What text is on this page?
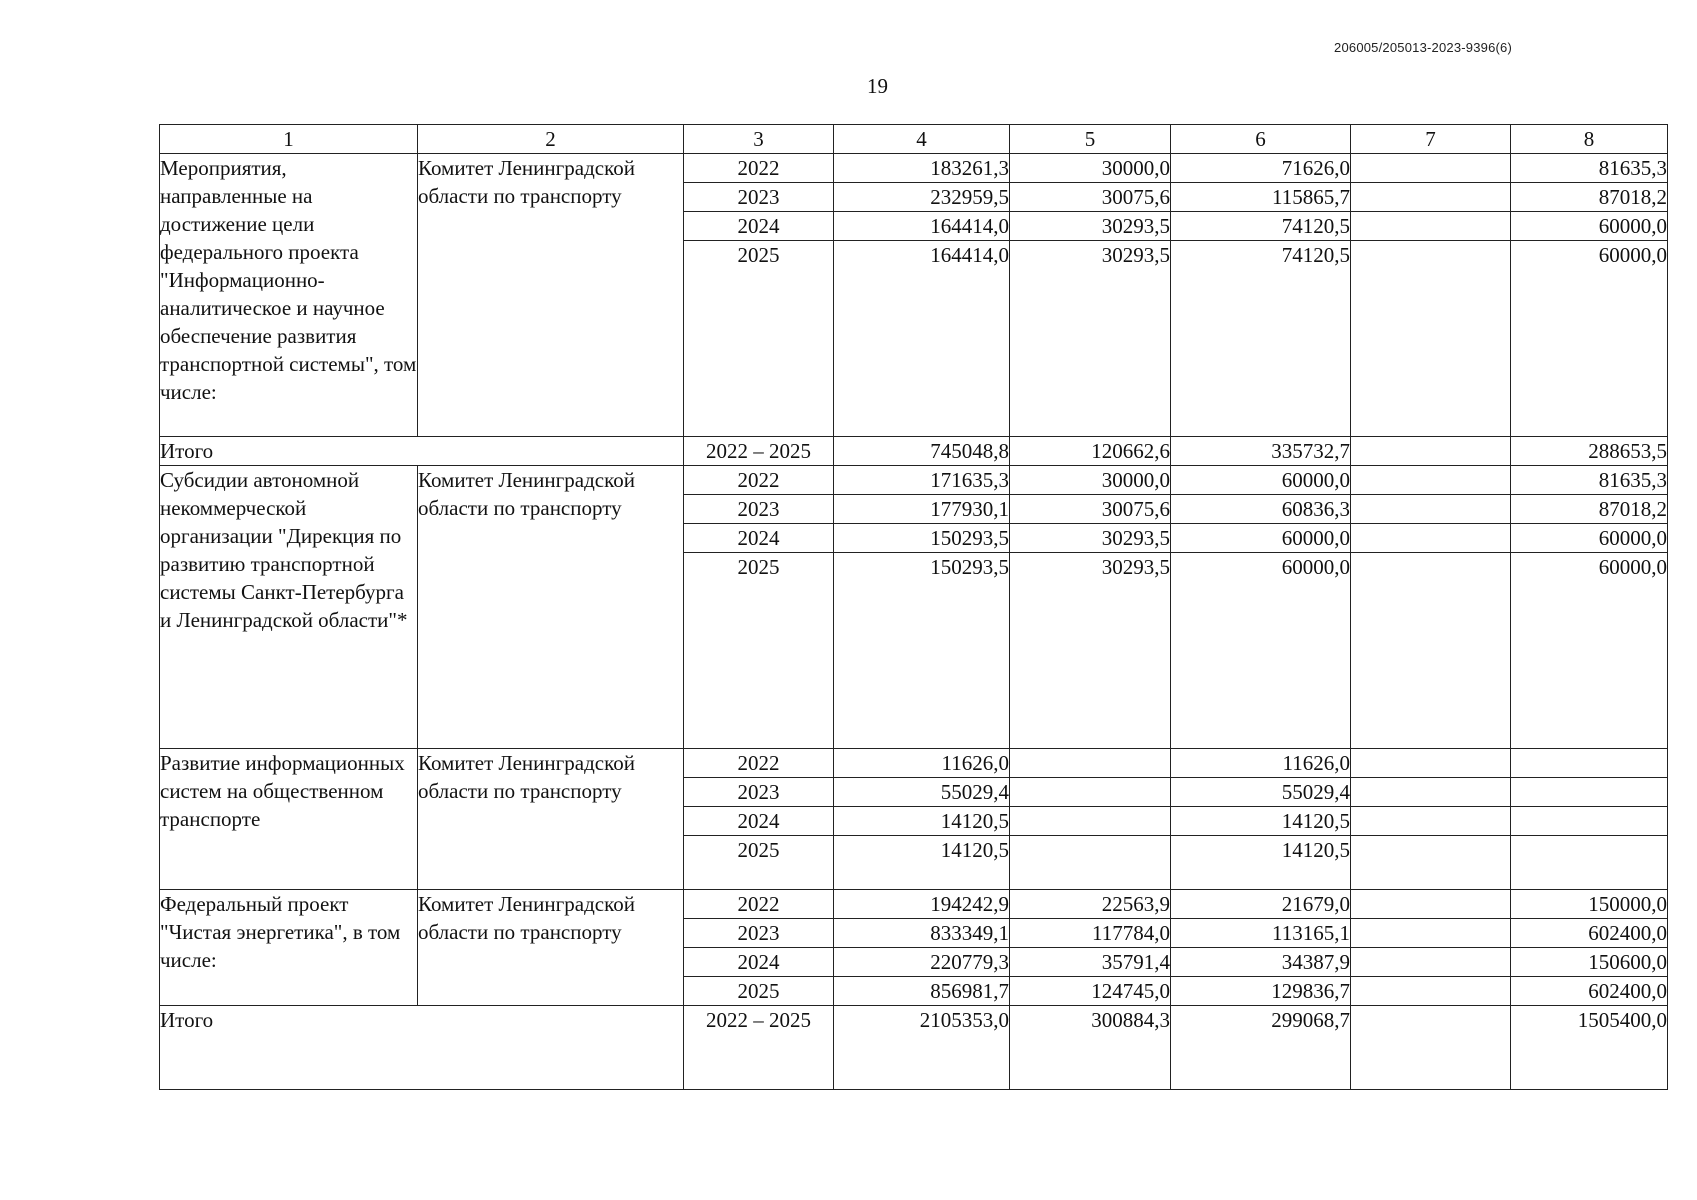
206005/205013-2023-9396(6)
19
1	2	3	4	5	6	7	8
Мероприятия, направленные на достижение цели федерального проекта "Информационно-аналитическое и научное обеспечение развития транспортной системы", том числе:	Комитет Ленинградской области по транспорту	2022	183261,3	30000,0	71626,0		81635,3
		2023	232959,5	30075,6	115865,7		87018,2
		2024	164414,0	30293,5	74120,5		60000,0
		2025	164414,0	30293,5	74120,5		60000,0
Итого		2022 – 2025	745048,8	120662,6	335732,7		288653,5
Субсидии автономной некоммерческой организации "Дирекция по развитию транспортной системы Санкт-Петербурга и Ленинградской области"*	Комитет Ленинградской области по транспорту	2022	171635,3	30000,0	60000,0		81635,3
		2023	177930,1	30075,6	60836,3		87018,2
		2024	150293,5	30293,5	60000,0		60000,0
		2025	150293,5	30293,5	60000,0		60000,0
Развитие информационных систем на общественном транспорте	Комитет Ленинградской области по транспорту	2022	11626,0		11626,0		
		2023	55029,4		55029,4		
		2024	14120,5		14120,5		
		2025	14120,5		14120,5		
Федеральный проект "Чистая энергетика", в том числе:	Комитет Ленинградской области по транспорту	2022	194242,9	22563,9	21679,0		150000,0
		2023	833349,1	117784,0	113165,1		602400,0
		2024	220779,3	35791,4	34387,9		150600,0
		2025	856981,7	124745,0	129836,7		602400,0
Итого		2022 – 2025	2105353,0	300884,3	299068,7		1505400,0
